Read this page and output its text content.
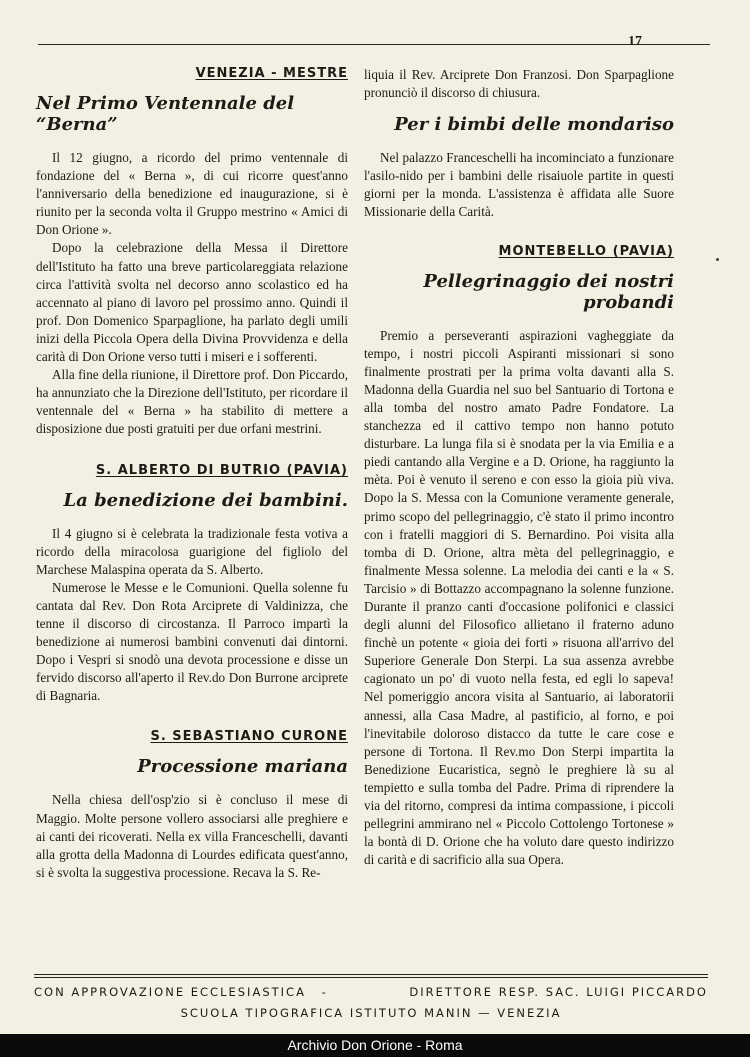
17
VENEZIA - MESTRE
Nel Primo Ventennale del “Berna”

Il 12 giugno, a ricordo del primo ventennale di fondazione del « Berna », di cui ricorre quest'anno l'anniversario della benedizione ed inaugurazione, si è riunito per la seconda volta il Gruppo mestrino « Amici di Don Orione ».

Dopo la celebrazione della Messa il Direttore dell'Istituto ha fatto una breve particolareggiata relazione circa l'attività svolta nel decorso anno scolastico ed ha accennato al piano di lavoro pel prossimo anno. Quindi il prof. Don Domenico Sparpaglione, ha parlato degli umili inizi della Piccola Opera della Divina Provvidenza e della carità di Don Orione verso tutti i miseri e i sofferenti.

Alla fine della riunione, il Direttore prof. Don Piccardo, ha annunziato che la Direzione dell'Istituto, per ricordare il ventennale del « Berna » ha stabilito di mettere a disposizione due posti gratuiti per due orfani mestrini.

S. ALBERTO DI BUTRIO (PAVIA)
La benedizione dei bambini.

Il 4 giugno si è celebrata la tradizionale festa votiva a ricordo della miracolosa guarigione del figliolo del Marchese Malaspina operata da S. Alberto.

Numerose le Messe e le Comunioni. Quella solenne fu cantata dal Rev. Don Rota Arciprete di Valdinizza, che tenne il discorso di circostanza. Il Parroco impartì la benedizione ai numerosi bambini convenuti dai dintorni. Dopo i Vespri si snodò una devota processione e disse un fervido discorso all'aperto il Rev.do Don Burrone arciprete di Bagnaria.

S. SEBASTIANO CURONE
Processione mariana

Nella chiesa dell'osp'zio si è concluso il mese di Maggio. Molte persone vollero associarsi alle preghiere e ai canti dei ricoverati. Nella ex villa Franceschelli, davanti alla grotta della Madonna di Lourdes edificata quest'anno, si è svolta la suggestiva processione. Recava la S. Re-

liquia il Rev. Arciprete Don Franzosi. Don Sparpaglione pronunciò il discorso di chiusura.

Per i bimbi delle mondariso

Nel palazzo Franceschelli ha incominciato a funzionare l'asilo-nido per i bambini delle risaiuole partite in questi giorni per la monda. L'assistenza è affidata alle Suore Missionarie della Carità.

MONTEBELLO (PAVIA)
Pellegrinaggio dei nostri probandi

Premio a perseveranti aspirazioni vagheggiate da tempo, i nostri piccoli Aspiranti missionari si sono finalmente prostrati per la prima volta davanti alla S. Madonna della Guardia nel suo bel Santuario di Tortona e alla tomba del nostro amato Padre Fondatore. La stanchezza ed il cattivo tempo non hanno potuto disturbare. La lunga fila si è snodata per la via Emilia e a piedi cantando alla Vergine e a D. Orione, ha raggiunto la mèta. Poi è venuto il sereno e con esso la gioia più viva. Dopo la S. Messa con la Comunione veramente generale, primo scopo del pellegrinaggio, c'è stato il primo incontro con i fratelli maggiori di S. Bernardino. Poi visita alla tomba di D. Orione, altra mèta del pellegrinaggio, e finalmente Messa solenne. La melodia dei canti e la « S. Tarcisio » di Bottazzo accompagnano la solenne funzione. Durante il pranzo canti d'occasione polifonici e classici degli alunni del Filosofico allietano il fraterno aduno finchè un potente « gioia dei forti » risuona all'arrivo del Superiore Generale Don Sterpi. La sua assenza avrebbe cagionato un po' di vuoto nella festa, ed egli lo sapeva! Nel pomeriggio ancora visita al Santuario, ai laboratorii annessi, alla Casa Madre, al pastificio, al forno, e poi l'inevitabile doloroso distacco da tutte le care cose e persone di Tortona. Il Rev.mo Don Sterpi impartita la Benedizione Eucaristica, segnò le preghiere là su al tempietto e sulla tomba del Padre. Prima di riprendere la via del ritorno, compresi da intima compassione, i piccoli pellegrini ammirano nel « Piccolo Cottolengo Tortonese » la bontà di D. Orione che ha voluto dare questo indirizzo di carità e di sacrificio alla sua Opera.

CON APPROVAZIONE ECCLESIASTICA -	DIRETTORE RESP. SAC. LUIGI PICCARDO
SCUOLA TIPOGRAFICA ISTITUTO MANIN — VENEZIA
Archivio Don Orione - Roma
